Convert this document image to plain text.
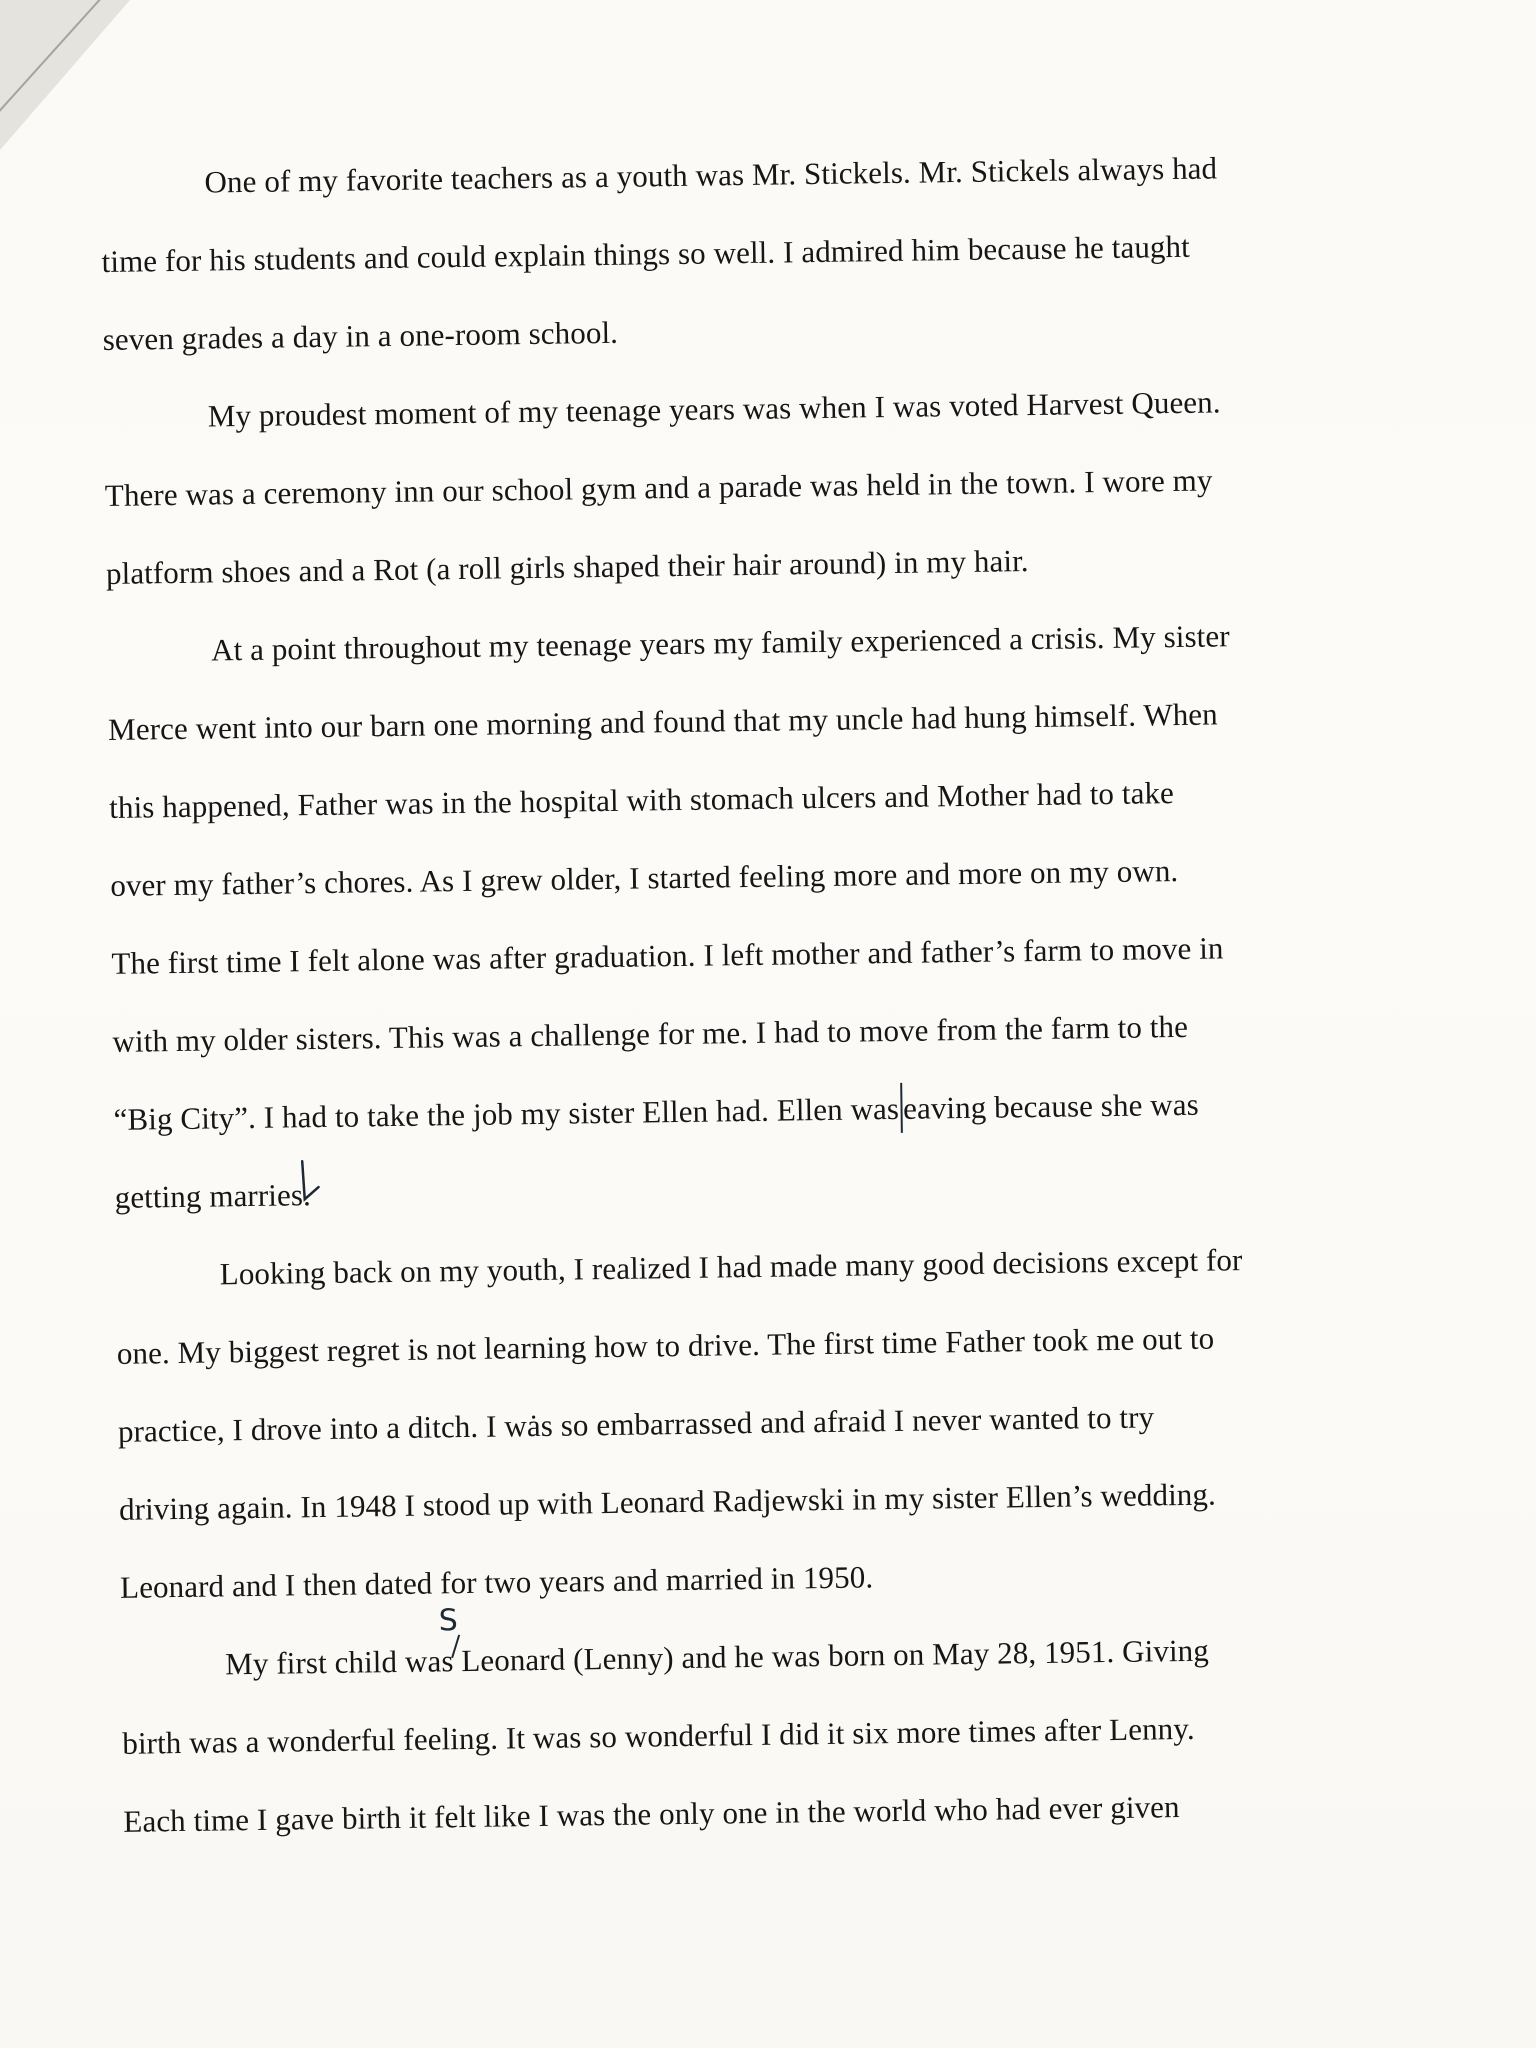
One of my favorite teachers as a youth was Mr. Stickels. Mr. Stickels always had
time for his students and could explain things so well. I admired him because he taught
seven grades a day in a one-room school.
My proudest moment of my teenage years was when I was voted Harvest Queen.
There was a ceremony inn our school gym and a parade was held in the town. I wore my
platform shoes and a Rot (a roll girls shaped their hair around) in my hair.
At a point throughout my teenage years my family experienced a crisis. My sister
Merce went into our barn one morning and found that my uncle had hung himself. When
this happened, Father was in the hospital with stomach ulcers and Mother had to take
over my father’s chores. As I grew older, I started feeling more and more on my own.
The first time I felt alone was after graduation. I left mother and father’s farm to move in
with my older sisters. This was a challenge for me. I had to move from the farm to the
“Big City”. I had to take the job my sister Ellen had. Ellen was eaving because she was
getting marries.
Looking back on my youth, I realized I had made many good decisions except for
one. My biggest regret is not learning how to drive. The first time Father took me out to
practice, I drove into a ditch. I wȧs so embarrassed and afraid I never wanted to try
driving again. In 1948 I stood up with Leonard Radjewski in my sister Ellen’s wedding.
Leonard and I then dated for two years and married in 1950.
My first child was
S
Leonard (Lenny) and he was born on May 28, 1951. Giving
birth was a wonderful feeling. It was so wonderful I did it six more times after Lenny.
Each time I gave birth it felt like I was the only one in the world who had ever given
